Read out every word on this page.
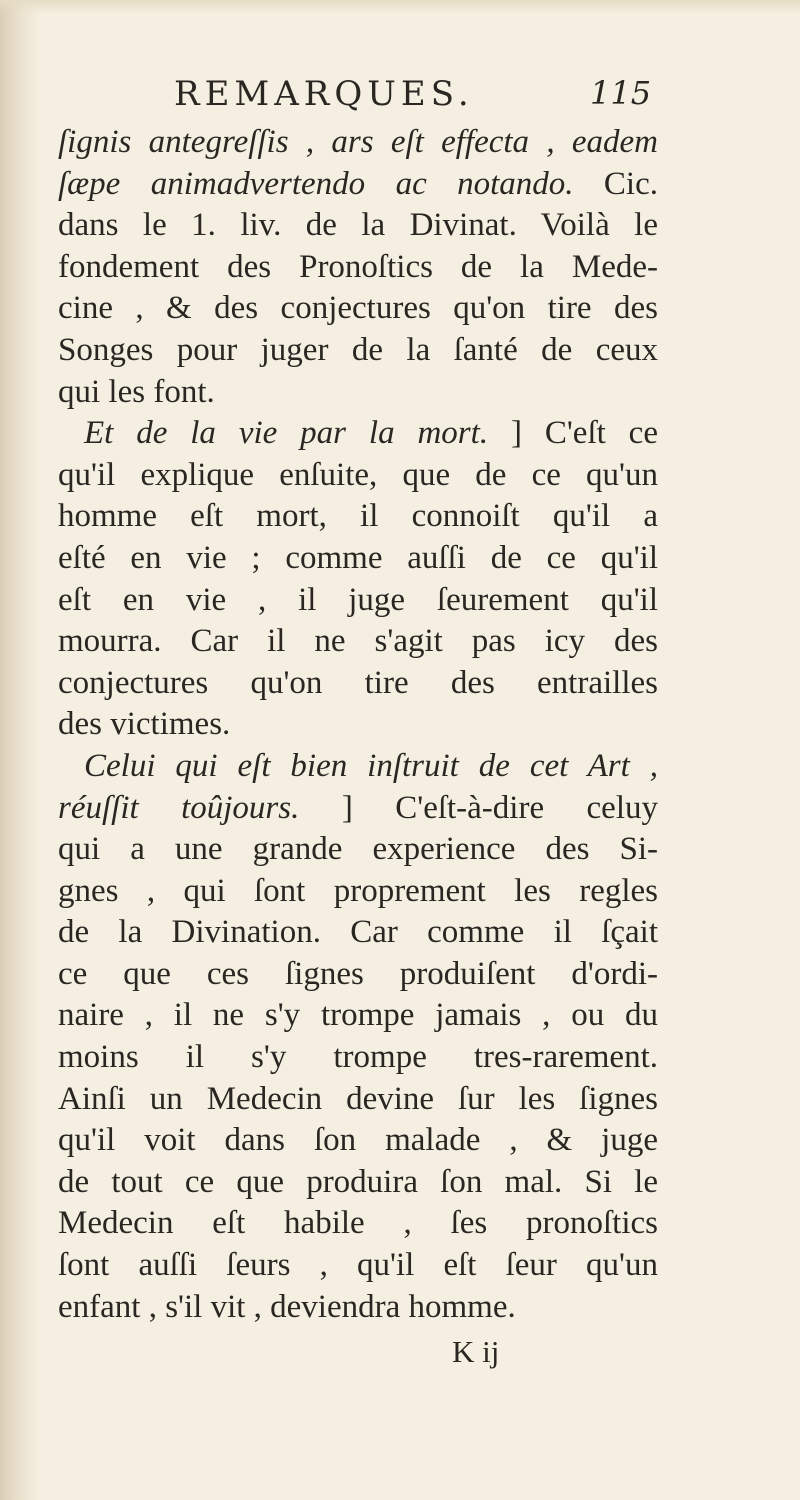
REMARQUES.	115
ſignis antegreſſis , ars eſt effecta , eadem
ſæpe animadvertendo ac notando. Cic.
dans le 1. liv. de la Divinat. Voilà le
fondement des Pronoſtics de la Mede-
cine , & des conjectures qu'on tire des
Songes pour juger de la ſanté de ceux
qui les font.
Et de la vie par la mort. ] C'eſt ce
qu'il explique enſuite, que de ce qu'un
homme eſt mort, il connoiſt qu'il a
eſté en vie ; comme auſſi de ce qu'il
eſt en vie , il juge ſeurement qu'il
mourra. Car il ne s'agit pas icy des
conjectures qu'on tire des entrailles
des victimes.
Celui qui eſt bien inſtruit de cet Art ,
réuſſit toûjours. ] C'eſt-à-dire celuy
qui a une grande experience des Si-
gnes , qui ſont proprement les regles
de la Divination. Car comme il ſçait
ce que ces ſignes produiſent d'ordi-
naire , il ne s'y trompe jamais , ou du
moins il s'y trompe tres-rarement.
Ainſi un Medecin devine ſur les ſignes
qu'il voit dans ſon malade , & juge
de tout ce que produira ſon mal. Si le
Medecin eſt habile , ſes pronoſtics
ſont auſſi ſeurs , qu'il eſt ſeur qu'un
enfant , s'il vit , deviendra homme.
K ij
